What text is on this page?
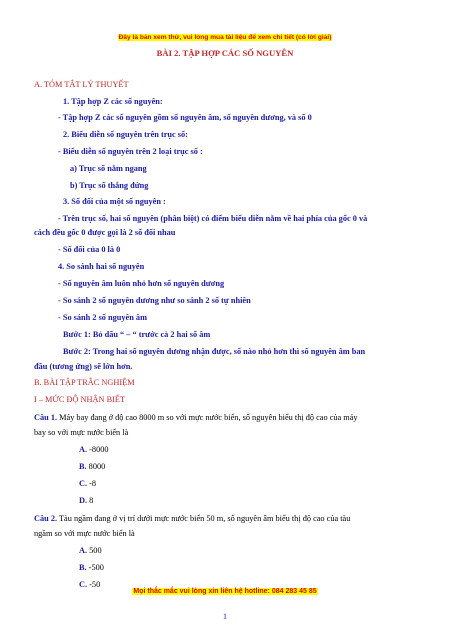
Đây là bản xem thử, vui lòng mua tài liệu để xem chi tiết (có lời giải)
BÀI 2. TẬP HỢP CÁC SỐ NGUYÊN
A. TÓM TẮT LÝ THUYẾT
1. Tập hợp Z các số nguyên:
- Tập hợp Z các số nguyên gồm số nguyên âm, số nguyên dương, và số 0
2. Biểu diễn số nguyên trên trục số:
- Biểu diễn số nguyên trên 2 loại trục số :
a) Trục số nằm ngang
b) Trục số thẳng đứng
3. Số đối của một số nguyên :
- Trên trục số, hai số nguyên (phân biệt) có điểm biểu diễn nằm về hai phía của gốc 0 và
cách đều gốc 0 được gọi là 2 số đối nhau
- Số đối của 0 là 0
4. So sánh hai số nguyên
- Số nguyên âm luôn nhỏ hơn số nguyên dương
- So sánh 2 số nguyên dương như so sánh 2 số tự nhiên
- So sánh 2 số nguyên âm
Bước 1: Bỏ dấu “ – “ trước cả 2 hai số âm
Bước 2: Trong hai số nguyên dương nhận được, số nào nhỏ hơn thì số nguyên âm ban
đầu (tương ứng) sẽ lớn hơn.
B. BÀI TẬP TRẮC NGHIỆM
I – MỨC ĐỘ NHẬN BIẾT
Câu 1. Máy bay đang ở độ cao 8000 m so với mực nước biển, số nguyên biểu thị độ cao của máy
bay so với mực nước biển là
A. -8000
B. 8000
C. -8
D. 8
Câu 2. Tàu ngầm đang ở vị trí dưới mực nước biển 50 m, số nguyên âm biểu thị độ cao của tàu
ngầm so với mực nước biển là
A. 500
B. -500
C. -50
Mọi thắc mắc vui lòng xin liên hệ hotline: 084 283 45 85
1
